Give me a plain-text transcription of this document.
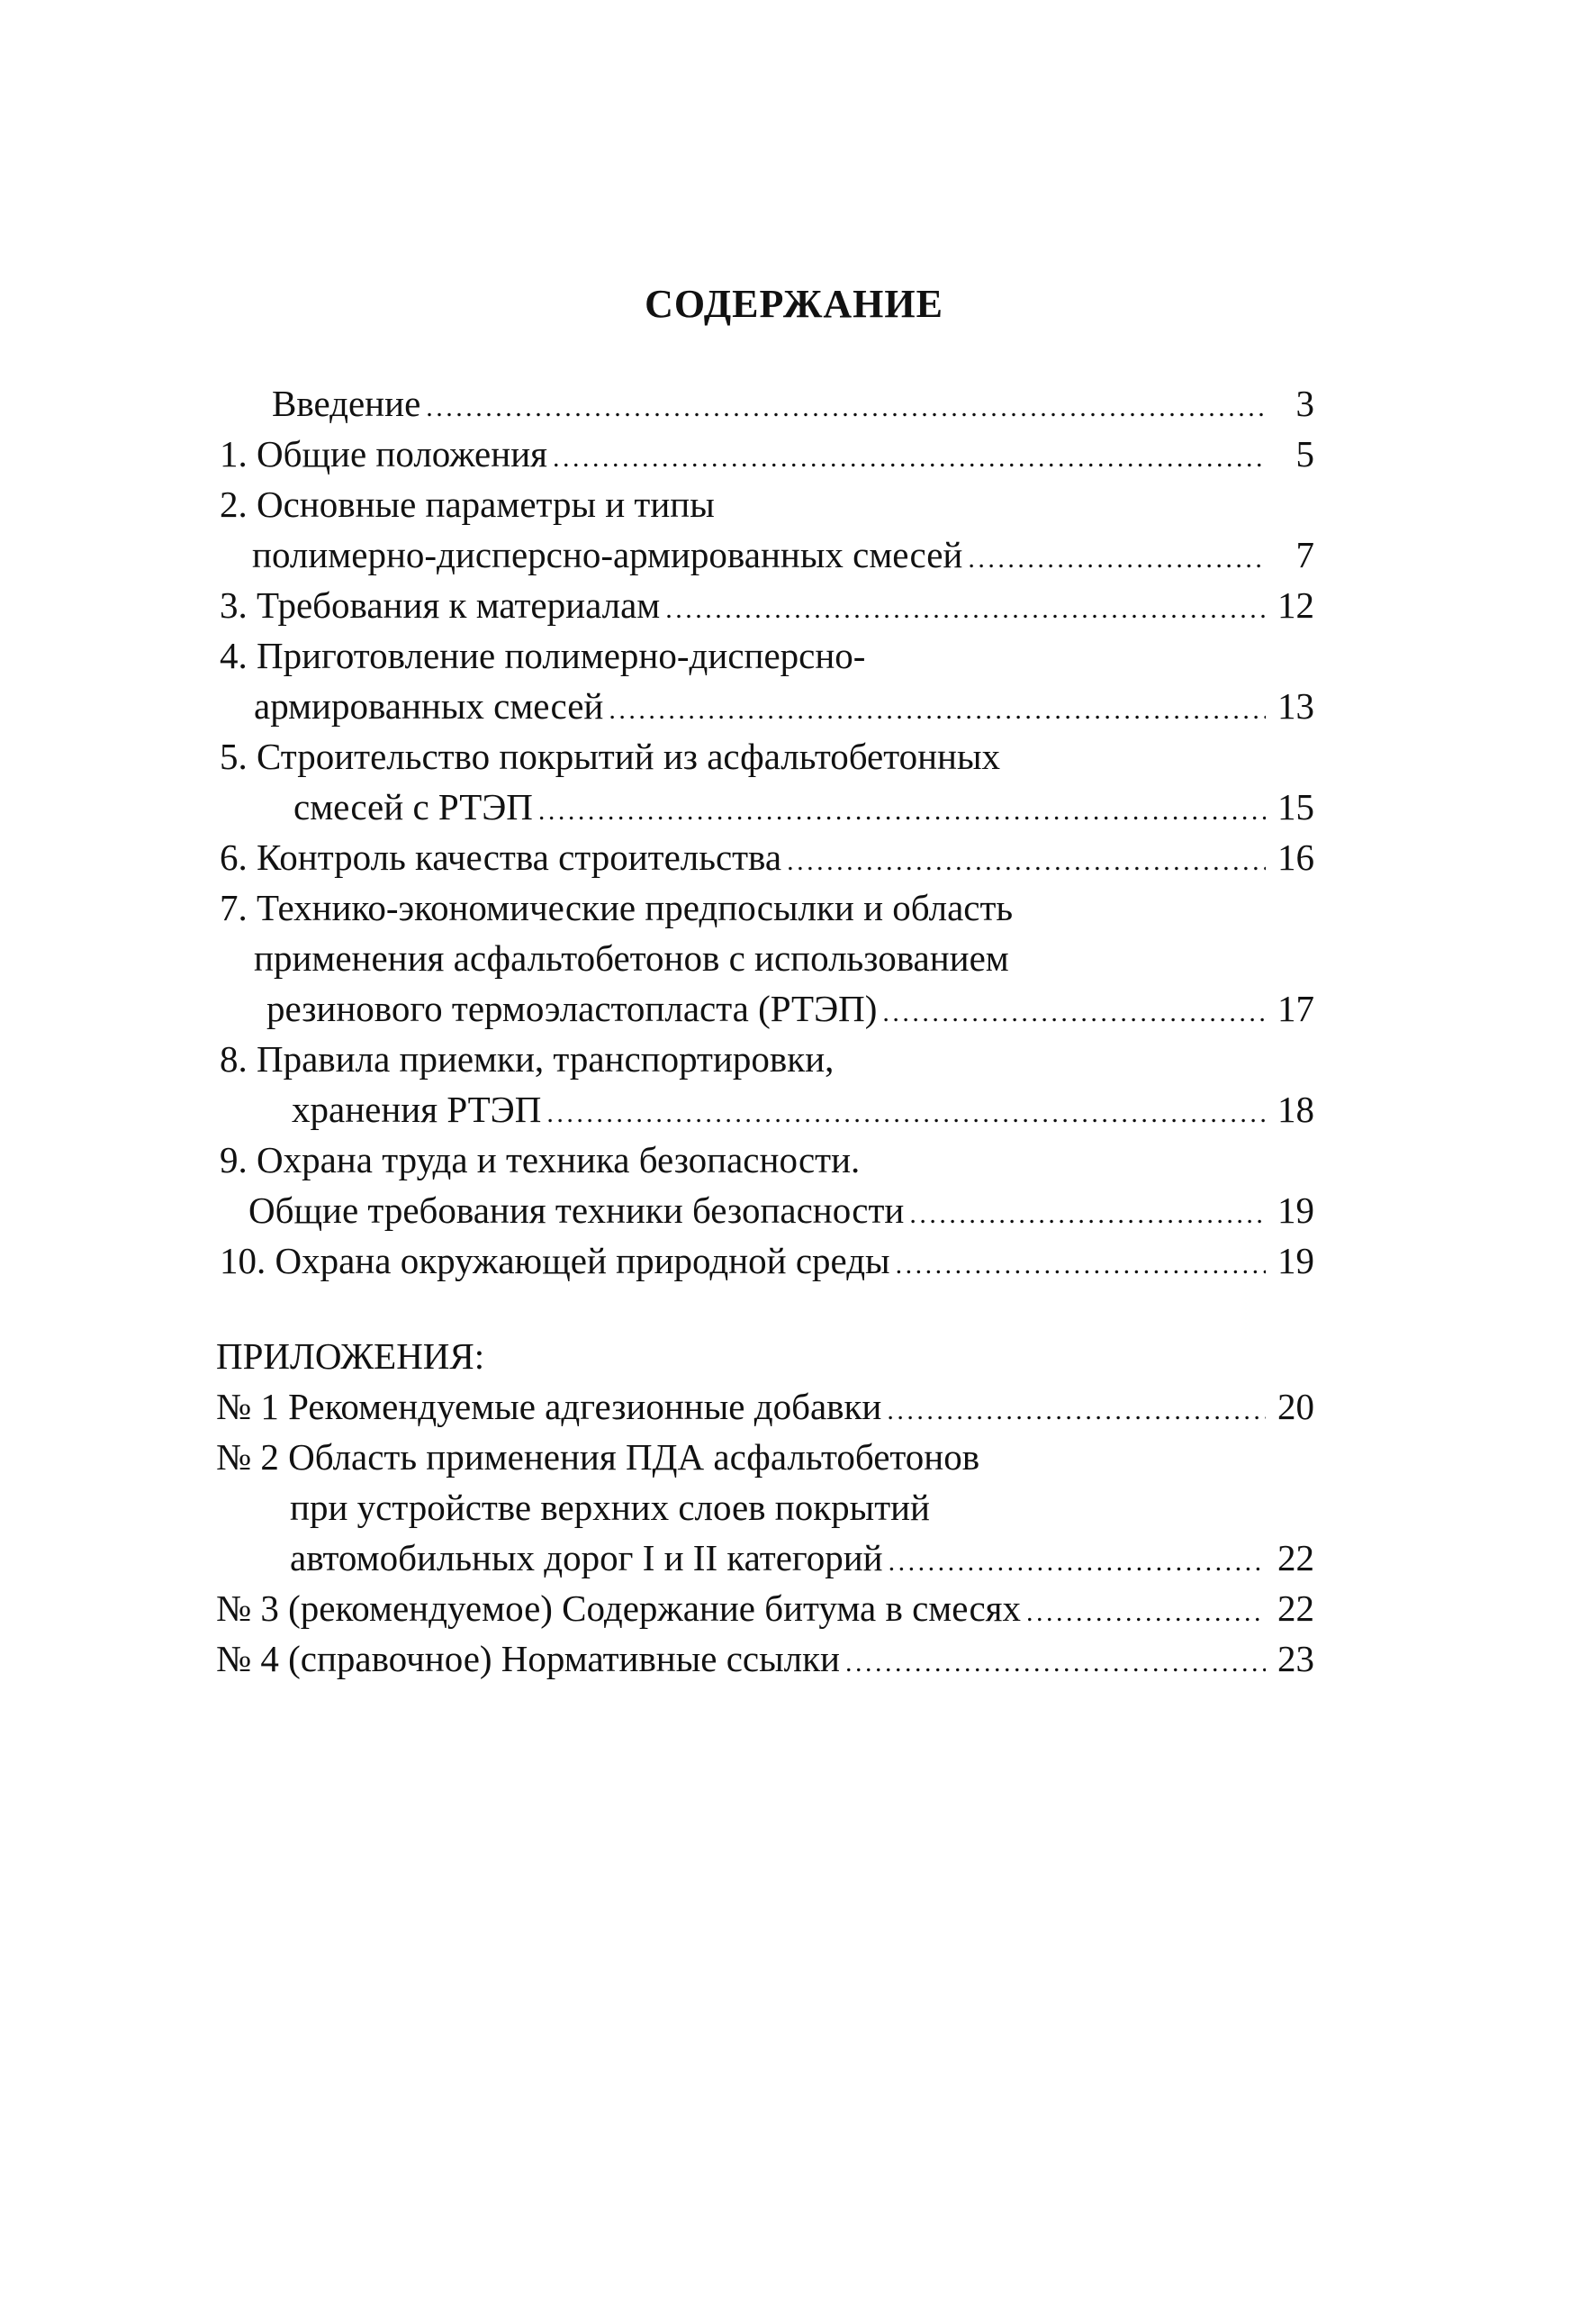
СОДЕРЖАНИЕ
Введение . . .	3
1. Общие положения . . .	5
2. Основные параметры и типы
полимерно-дисперсно-армированных смесей . . .	7
3. Требования к материалам . . .	12
4. Приготовление полимерно-дисперсно-
армированных смесей . . .	13
5. Строительство покрытий из асфальтобетонных
смесей с РТЭП . . .	15
6. Контроль качества строительства . . .	16
7. Технико-экономические предпосылки и область
применения асфальтобетонов с использованием
резинового термоэластопласта (РТЭП) . . .	17
8. Правила приемки, транспортировки,
хранения РТЭП . . .	18
9. Охрана труда и техника безопасности.
Общие требования техники безопасности . . .	19
10. Охрана окружающей природной среды . . .	19
ПРИЛОЖЕНИЯ:
№ 1 Рекомендуемые адгезионные добавки . . .	20
№ 2 Область применения ПДА асфальтобетонов
при устройстве верхних слоев покрытий
автомобильных дорог I и II категорий . . .	22
№ 3 (рекомендуемое) Содержание битума в смесях . . .	22
№ 4 (справочное) Нормативные ссылки . . .	23
